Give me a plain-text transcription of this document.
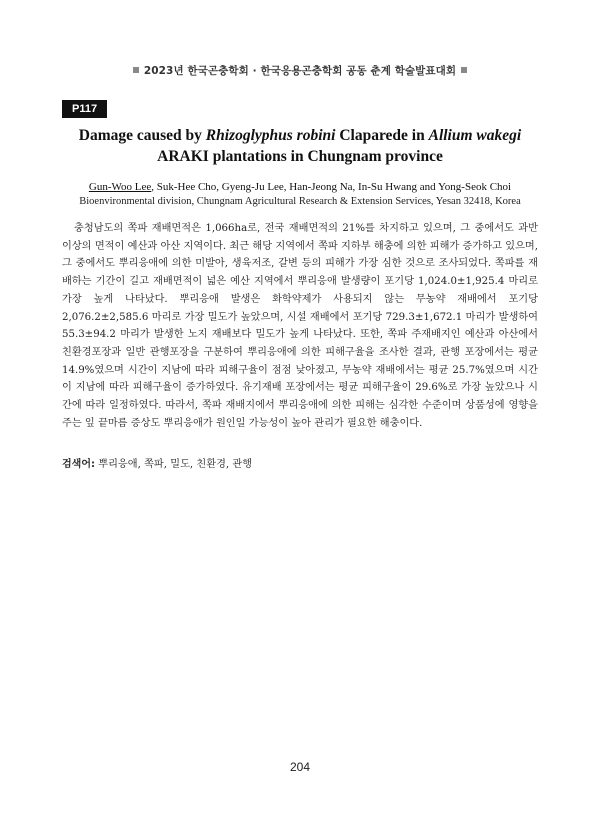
2023년 한국곤충학회 · 한국응용곤충학회 공동 춘계 학술발표대회
P117
Damage caused by Rhizoglyphus robini Claparede in Allium wakegi ARAKI plantations in Chungnam province
Gun-Woo Lee, Suk-Hee Cho, Gyeng-Ju Lee, Han-Jeong Na, In-Su Hwang and Yong-Seok Choi
Bioenvironmental division, Chungnam Agricultural Research & Extension Services, Yesan 32418, Korea

충청남도의 쪽파 재배면적은 1,066ha로, 전국 재배면적의 21%를 차지하고 있으며, 그 중에서도 과반 이상의 면적이 예산과 아산 지역이다. 최근 해당 지역에서 쪽파 지하부 해충에 의한 피해가 증가하고 있으며, 그 중에서도 뿌리응애에 의한 미발아, 생육저조, 갈변 등의 피해가 가장 심한 것으로 조사되었다. 쪽파를 재배하는 기간이 길고 재배면적이 넓은 예산 지역에서 뿌리응애 발생량이 포기당 1,024.0±1,925.4 마리로 가장 높게 나타났다. 뿌리응애 발생은 화학약제가 사용되지 않는 무농약 재배에서 포기당 2,076.2±2,585.6 마리로 가장 밀도가 높았으며, 시설 재배에서 포기당 729.3±1,672.1 마리가 발생하여 55.3±94.2 마리가 발생한 노지 재배보다 밀도가 높게 나타났다. 또한, 쪽파 주재배지인 예산과 아산에서 친환경포장과 일반 관행포장을 구분하여 뿌리응애에 의한 피해구율을 조사한 결과, 관행 포장에서는 평균 14.9%였으며 시간이 지남에 따라 피해구율이 점점 낮아졌고, 무농약 재배에서는 평균 25.7%였으며 시간이 지남에 따라 피해구율이 증가하였다. 유기재배 포장에서는 평균 피해구율이 29.6%로 가장 높았으나 시간에 따라 일정하였다. 따라서, 쪽파 재배지에서 뿌리응애에 의한 피해는 심각한 수준이며 상품성에 영향을 주는 잎 끝마름 증상도 뿌리응애가 원인일 가능성이 높아 관리가 필요한 해충이다.

검색어: 뿌리응애, 쪽파, 밀도, 친환경, 관행
204
